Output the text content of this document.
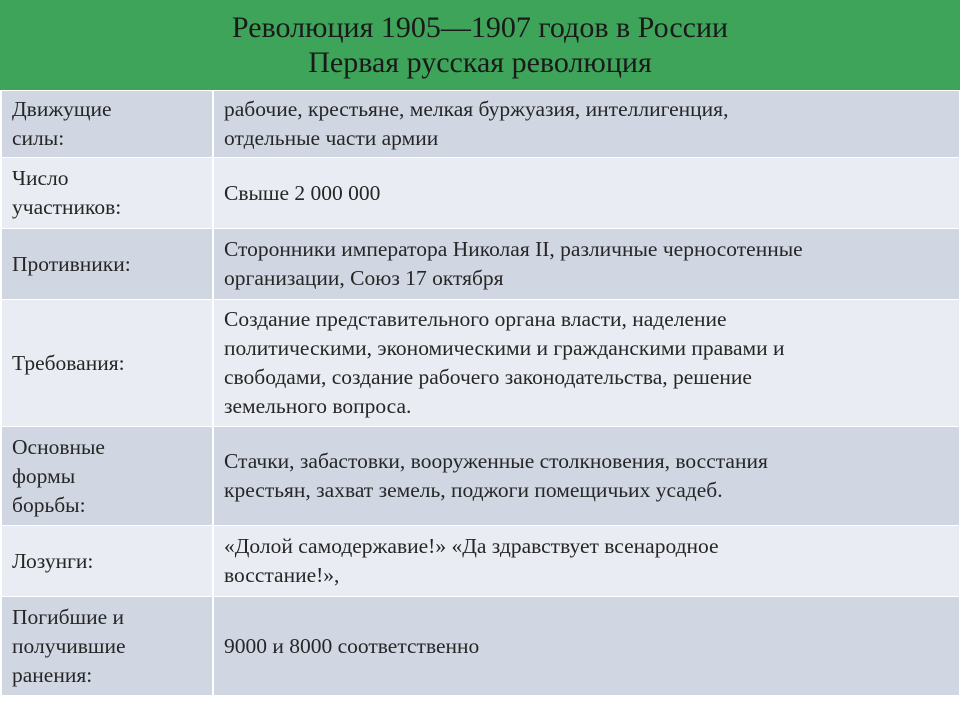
Революция 1905—1907 годов в России
Первая русская революция
Движущие
силы:	рабочие, крестьяне, мелкая буржуазия, интеллигенция,
отдельные части армии
Число
участников:	Свыше 2 000 000
Противники:	Сторонники императора Николая II, различные черносотенные
организации, Союз 17 октября
Требования:	Создание представительного органа власти, наделение
политическими, экономическими и гражданскими правами и
свободами, создание рабочего законодательства, решение
земельного вопроса.
Основные
формы
борьбы:	Стачки, забастовки, вооруженные столкновения, восстания
крестьян, захват земель, поджоги помещичьих усадеб.
Лозунги:	«Долой самодержавие!» «Да здравствует всенародное
восстание!»,
Погибшие и
получившие
ранения:	9000 и 8000 соответственно
